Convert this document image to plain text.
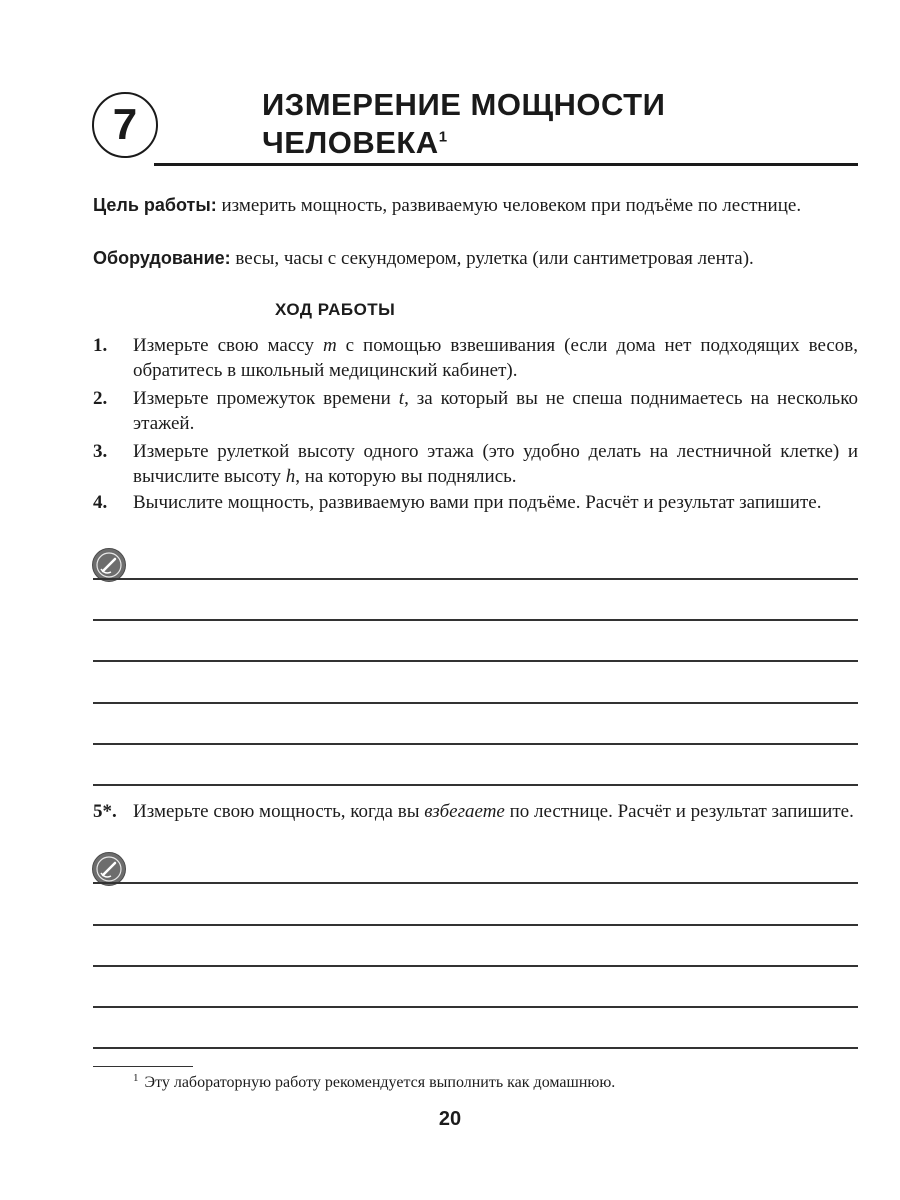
7	ИЗМЕРЕНИЕ МОЩНОСТИ
ЧЕЛОВЕКА$^1$
Цель работы: измерить мощность, развиваемую человеком при подъёме по лестнице.
Оборудование: весы, часы с секундомером, рулетка (или сантиметровая лента).
ХОД РАБОТЫ
1.	Измерьте свою массу m с помощью взвешивания (если дома нет подходящих весов, обратитесь в школьный медицинский кабинет).
2.	Измерьте промежуток времени t, за который вы не спеша поднимаетесь на несколько этажей.
3.	Измерьте рулеткой высоту одного этажа (это удобно делать на лестничной клетке) и вычислите высоту h, на которую вы поднялись.
4.	Вычислите мощность, развиваемую вами при подъёме. Расчёт и результат запишите.
5*. Измерьте свою мощность, когда вы взбегаете по лестнице. Расчёт и результат запишите.
$^1$ Эту лабораторную работу рекомендуется выполнить как домашнюю.
20
